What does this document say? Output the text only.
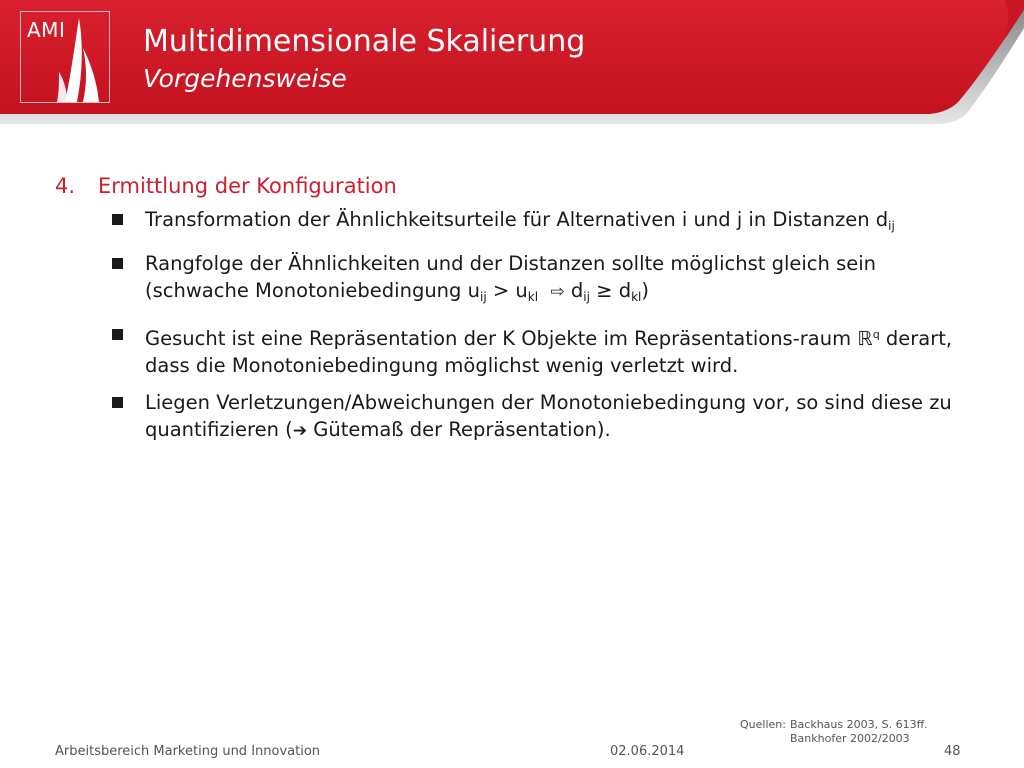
AMI	Multidimensionale Skalierung
Vorgehensweise
4. Ermittlung der Konfiguration
Transformation der Ähnlichkeitsurteile für Alternativen i und j in Distanzen $d_{ij}$
Rangfolge der Ähnlichkeiten und der Distanzen sollte möglichst gleich sein (schwache Monotoniebedingung $u_{ij} > u_{kl}$ ⇨ $d_{ij} \ge d_{kl}$)
Gesucht ist eine Repräsentation der K Objekte im Repräsentations-raum ℝ$^q$ derart, dass die Monotoniebedingung möglichst wenig verletzt wird.
Liegen Verletzungen/Abweichungen der Monotoniebedingung vor, so sind diese zu quantifizieren (➔ Gütemaß der Repräsentation).
Quellen: Backhaus 2003, S. 613ff.
Bankhofer 2002/2003
Arbeitsbereich Marketing und Innovation	02.06.2014	48
